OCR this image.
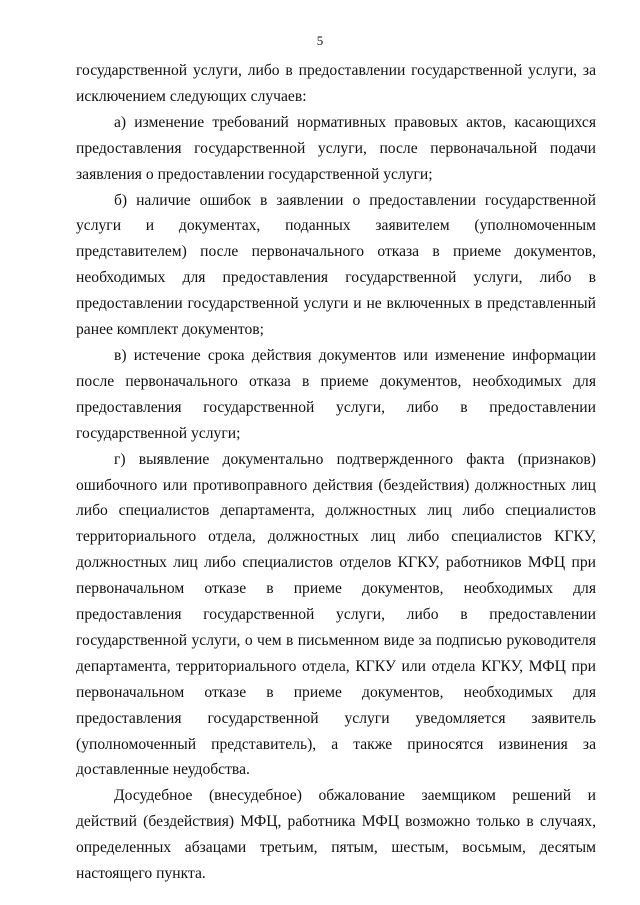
5

государственной услуги, либо в предоставлении государственной услуги, за исключением следующих случаев:

а) изменение требований нормативных правовых актов, касающихся предоставления государственной услуги, после первоначальной подачи заявления о предоставлении государственной услуги;

б) наличие ошибок в заявлении о предоставлении государственной услуги и документах, поданных заявителем (уполномоченным представителем) после первоначального отказа в приеме документов, необходимых для предоставления государственной услуги, либо в предоставлении государственной услуги и не включенных в представленный ранее комплект документов;

в) истечение срока действия документов или изменение информации после первоначального отказа в приеме документов, необходимых для предоставления государственной услуги, либо в предоставлении государственной услуги;

г) выявление документально подтвержденного факта (признаков) ошибочного или противоправного действия (бездействия) должностных лиц либо специалистов департамента, должностных лиц либо специалистов территориального отдела, должностных лиц либо специалистов КГКУ, должностных лиц либо специалистов отделов КГКУ, работников МФЦ при первоначальном отказе в приеме документов, необходимых для предоставления государственной услуги, либо в предоставлении государственной услуги, о чем в письменном виде за подписью руководителя департамента, территориального отдела, КГКУ или отдела КГКУ, МФЦ при первоначальном отказе в приеме документов, необходимых для предоставления государственной услуги уведомляется заявитель (уполномоченный представитель), а также приносятся извинения за доставленные неудобства.

Досудебное (внесудебное) обжалование заемщиком решений и действий (бездействия) МФЦ, работника МФЦ возможно только в случаях, определенных абзацами третьим, пятым, шестым, восьмым, десятым настоящего пункта.
